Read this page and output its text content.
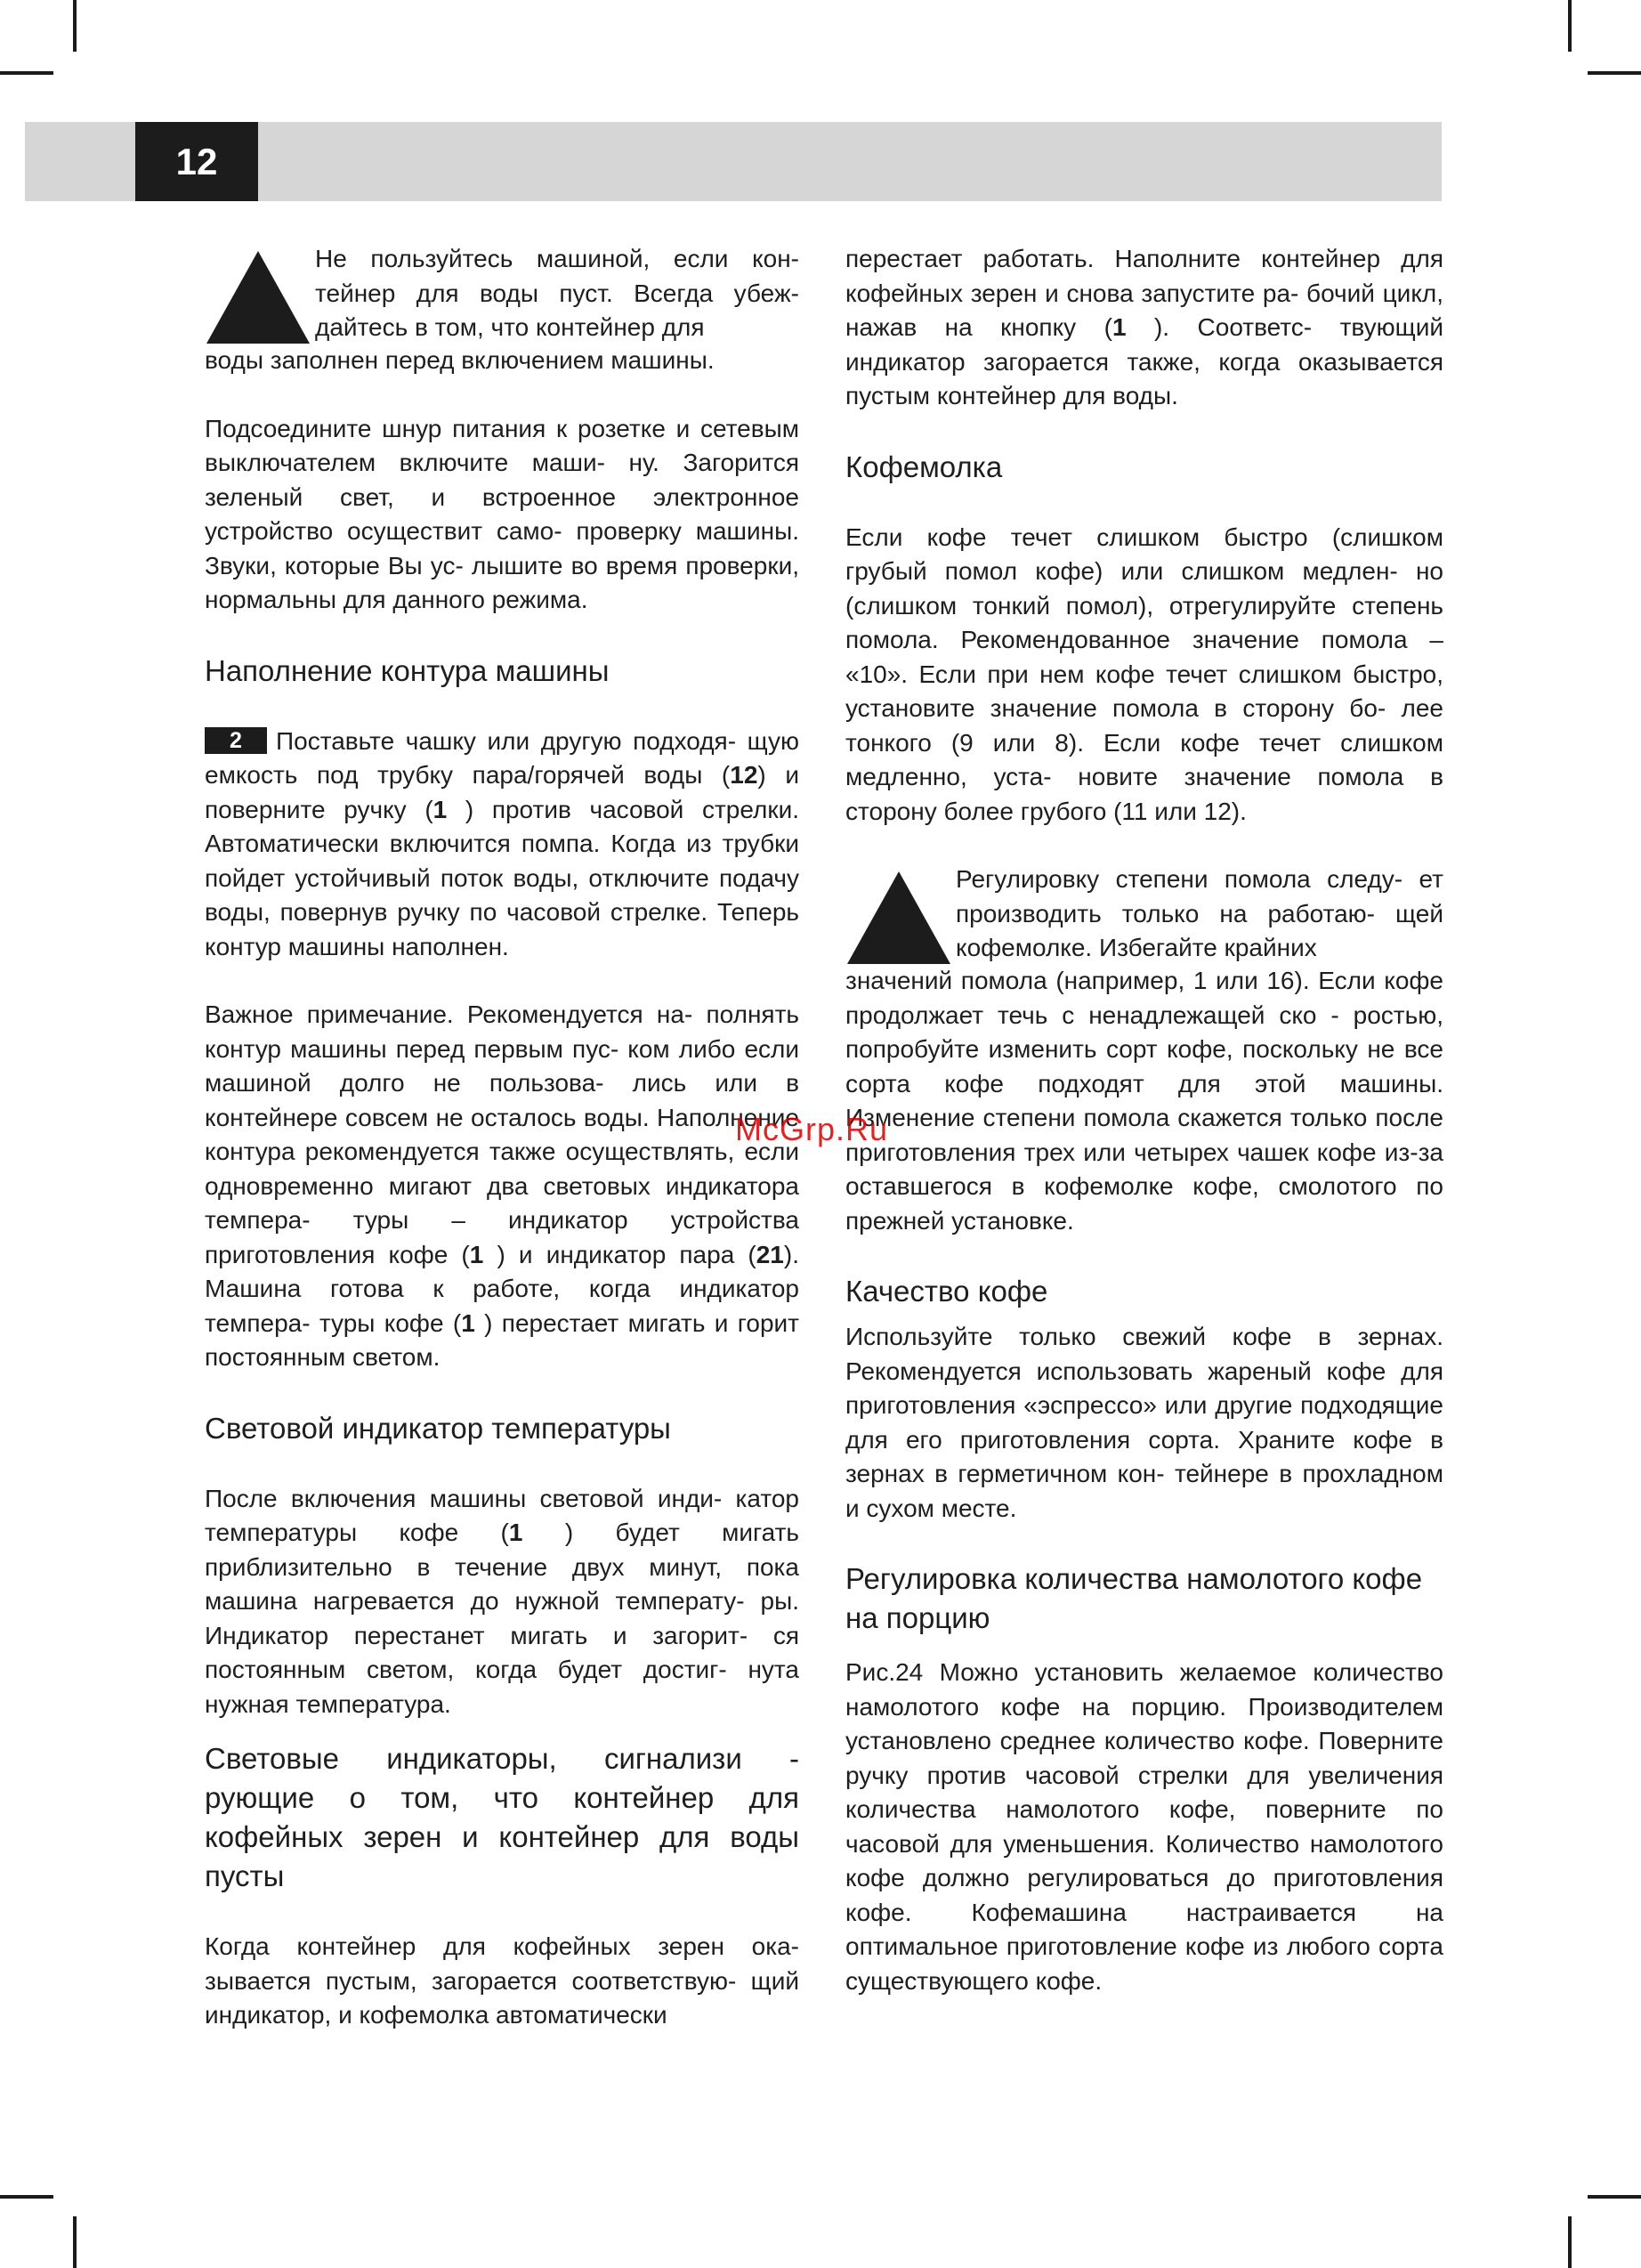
12

Не пользуйтесь машиной, если кон- тейнер для воды пуст. Всегда убеж- дайтесь в том, что контейнер для

воды заполнен перед включением машины.

Подсоедините шнур питания к розетке и сетевым выключателем включите маши- ну. Загорится зеленый свет, и встроенное электронное устройство осуществит само- проверку машины. Звуки, которые Вы ус- лышите во время проверки, нормальны для данного режима.

Наполнение контура машины

2 Поставьте чашку или другую подходя- щую емкость под трубку пара/горячей воды (12) и поверните ручку (1 ) против часовой стрелки. Автоматически включится помпа. Когда из трубки пойдет устойчивый поток воды, отключите подачу воды, повернув ручку по часовой стрелке. Теперь контур машины наполнен.

Важное примечание. Рекомендуется на- полнять контур машины перед первым пус- ком либо если машиной долго не пользова- лись или в контейнере совсем не осталось воды. Наполнение контура рекомендуется также осуществлять, если одновременно мигают два световых индикатора темпера- туры – индикатор устройства приготовления кофе (1 ) и индикатор пара (21). Машина готова к работе, когда индикатор темпера- туры кофе (1 ) перестает мигать и горит постоянным светом.

Световой индикатор температуры

После включения машины световой инди- катор температуры кофе (1 ) будет мигать приблизительно в течение двух минут, пока машина нагревается до нужной температу- ры. Индикатор перестанет мигать и загорит- ся постоянным светом, когда будет достиг- нута нужная температура.

Световые индикаторы, сигнализи - рующие о том, что контейнер для кофейных зерен и контейнер для воды пусты

Когда контейнер для кофейных зерен ока- зывается пустым, загорается соответствую- щий индикатор, и кофемолка автоматически

перестает работать. Наполните контейнер для кофейных зерен и снова запустите ра- бочий цикл, нажав на кнопку (1 ). Соответс- твующий индикатор загорается также, когда оказывается пустым контейнер для воды.

Кофемолка

Если кофе течет слишком быстро (слишком грубый помол кофе) или слишком медлен- но (слишком тонкий помол), отрегулируйте степень помола. Рекомендованное значение помола – «10». Если при нем кофе течет слишком быстро, установите значение помола в сторону бо- лее тонкого (9 или 8). Если кофе течет слишком медленно, уста- новите значение помола в сторону более грубого (11 или 12).

Регулировку степени помола следу- ет производить только на работаю- щей кофемолке. Избегайте крайних

значений помола (например, 1 или 16). Если кофе продолжает течь с ненадлежащей ско - ростью, попробуйте изменить сорт кофе, поскольку не все сорта кофе подходят для этой машины. Изменение степени помола скажется только после приготовления трех или четырех чашек кофе из-за оставшегося в кофемолке кофе, смолотого по прежней установке.

Качество кофе

Используйте только свежий кофе в зернах. Рекомендуется использовать жареный кофе для приготовления «эспрессо» или другие подходящие для его приготовления сорта. Храните кофе в зернах в герметичном кон- тейнере в прохладном и сухом месте.

Регулировка количества намолотого кофе на порцию

Рис.24 Можно установить желаемое количество намолотого кофе на порцию. Производителем установлено среднее количество кофе. Поверните ручку против часовой стрелки для увеличения количества намолотого кофе, поверните по часовой для уменьшения. Количество намолотого кофе должно регулироваться до приготовления кофе. Кофемашина настраивается на оптимальное приготовление кофе из любого сорта существующего кофе.

McGrp.Ru
